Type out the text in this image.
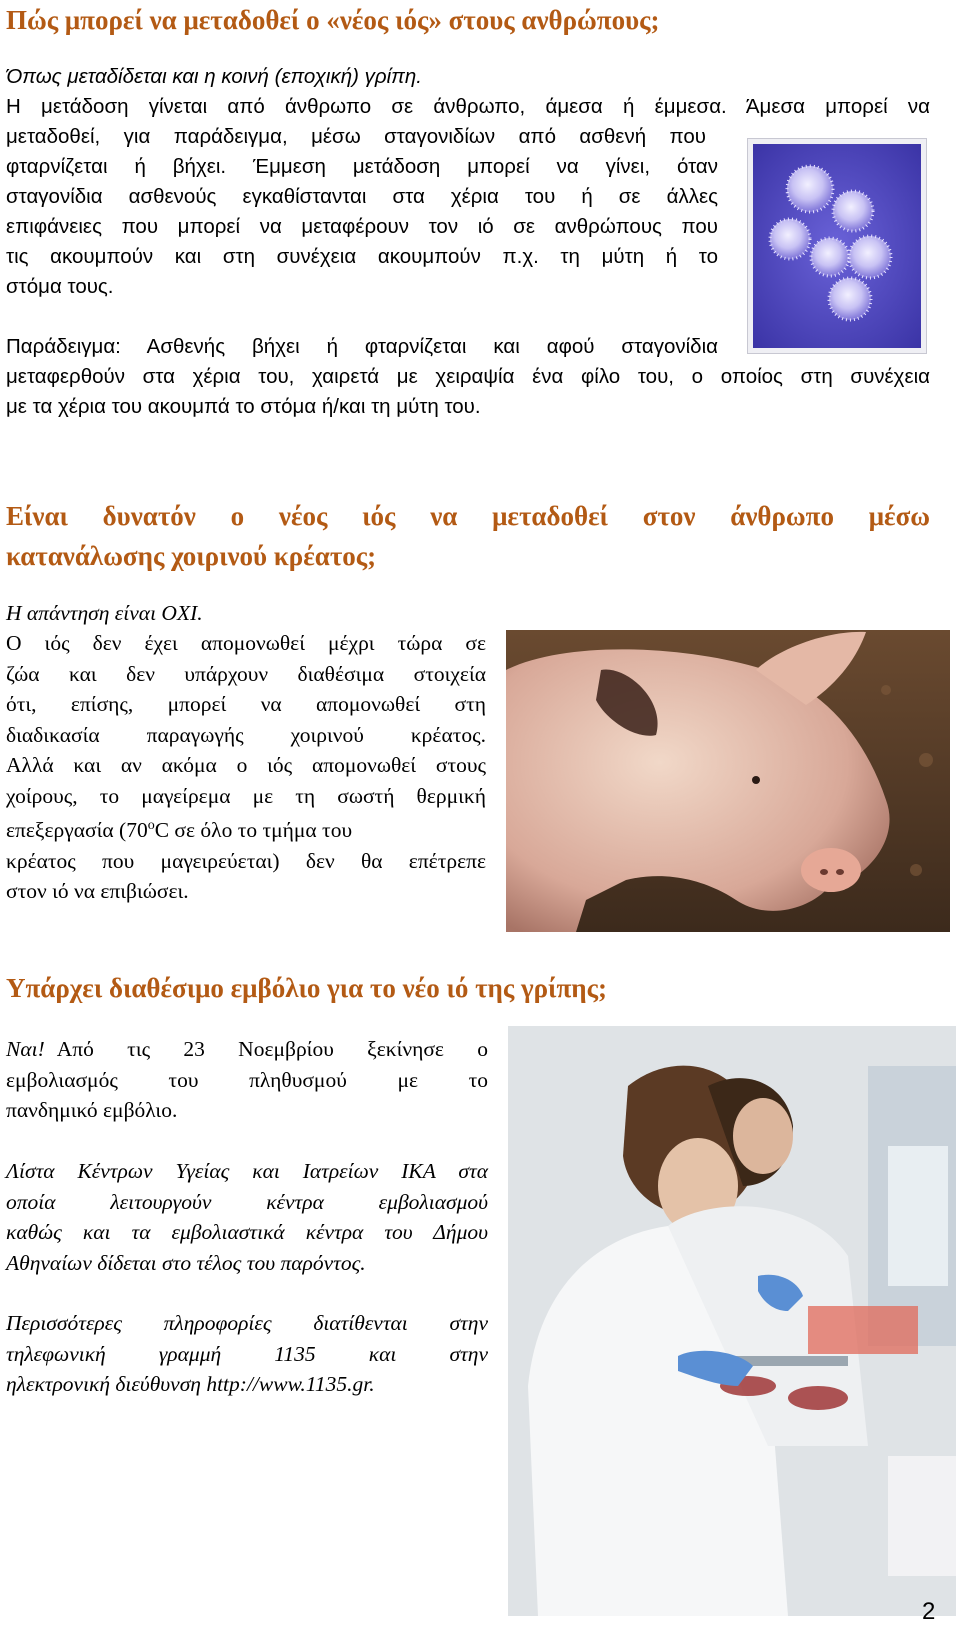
Πώς μπορεί να μεταδοθεί ο «νέος ιός» στους ανθρώπους;

Όπως μεταδίδεται και η κοινή (εποχική) γρίπη.

Η μετάδοση γίνεται από άνθρωπο σε άνθρωπο, άμεσα ή έμμεσα. Άμεσα μπορεί να
μεταδοθεί, για παράδειγμα, μέσω σταγονιδίων από ασθενή που
φταρνίζεται ή βήχει. Έμμεση μετάδοση μπορεί να γίνει, όταν
σταγονίδια ασθενούς εγκαθίστανται στα χέρια του ή σε άλλες
επιφάνειες που μπορεί να μεταφέρουν τον ιό σε ανθρώπους που
τις ακουμπούν και στη συνέχεια ακουμπούν π.χ. τη μύτη ή το
στόμα τους.
Παράδειγμα: Ασθενής βήχει ή φταρνίζεται και αφού σταγονίδια
μεταφερθούν στα χέρια του, χαιρετά με χειραψία ένα φίλο του, ο οποίος στη συνέχεια
με τα χέρια του ακουμπά το στόμα ή/και τη μύτη του.
Είναι δυνατόν ο νέος ιός να μεταδοθεί στον άνθρωπο μέσω
κατανάλωσης χοιρινού κρέατος;

Η απάντηση είναι ΟΧΙ.

Ο ιός δεν έχει απομονωθεί μέχρι τώρα σε
ζώα και δεν υπάρχουν διαθέσιμα στοιχεία
ότι, επίσης, μπορεί να απομονωθεί στη
διαδικασία παραγωγής χοιρινού κρέατος.
Αλλά και αν ακόμα ο ιός απομονωθεί στους
χοίρους, το μαγείρεμα με τη σωστή θερμική
επεξεργασία (70$^o$C σε όλο το τμήμα του
κρέατος που μαγειρεύεται) δεν θα επέτρεπε
στον ιό να επιβιώσει.
Υπάρχει διαθέσιμο εμβόλιο για το νέο ιό της γρίπης;
Ναι! Από τις 23 Νοεμβρίου ξεκίνησε ο
εμβολιασμός του πληθυσμού με το
πανδημικό εμβόλιο.
Λίστα Κέντρων Υγείας και Ιατρείων ΙΚΑ στα
οποία λειτουργούν κέντρα εμβολιασμού
καθώς και τα εμβολιαστικά κέντρα του Δήμου
Αθηναίων δίδεται στο τέλος του παρόντος.
Περισσότερες πληροφορίες διατίθενται στην
τηλεφωνική γραμμή 1135 και στην
ηλεκτρονική διεύθυνση http://www.1135.gr.
2
